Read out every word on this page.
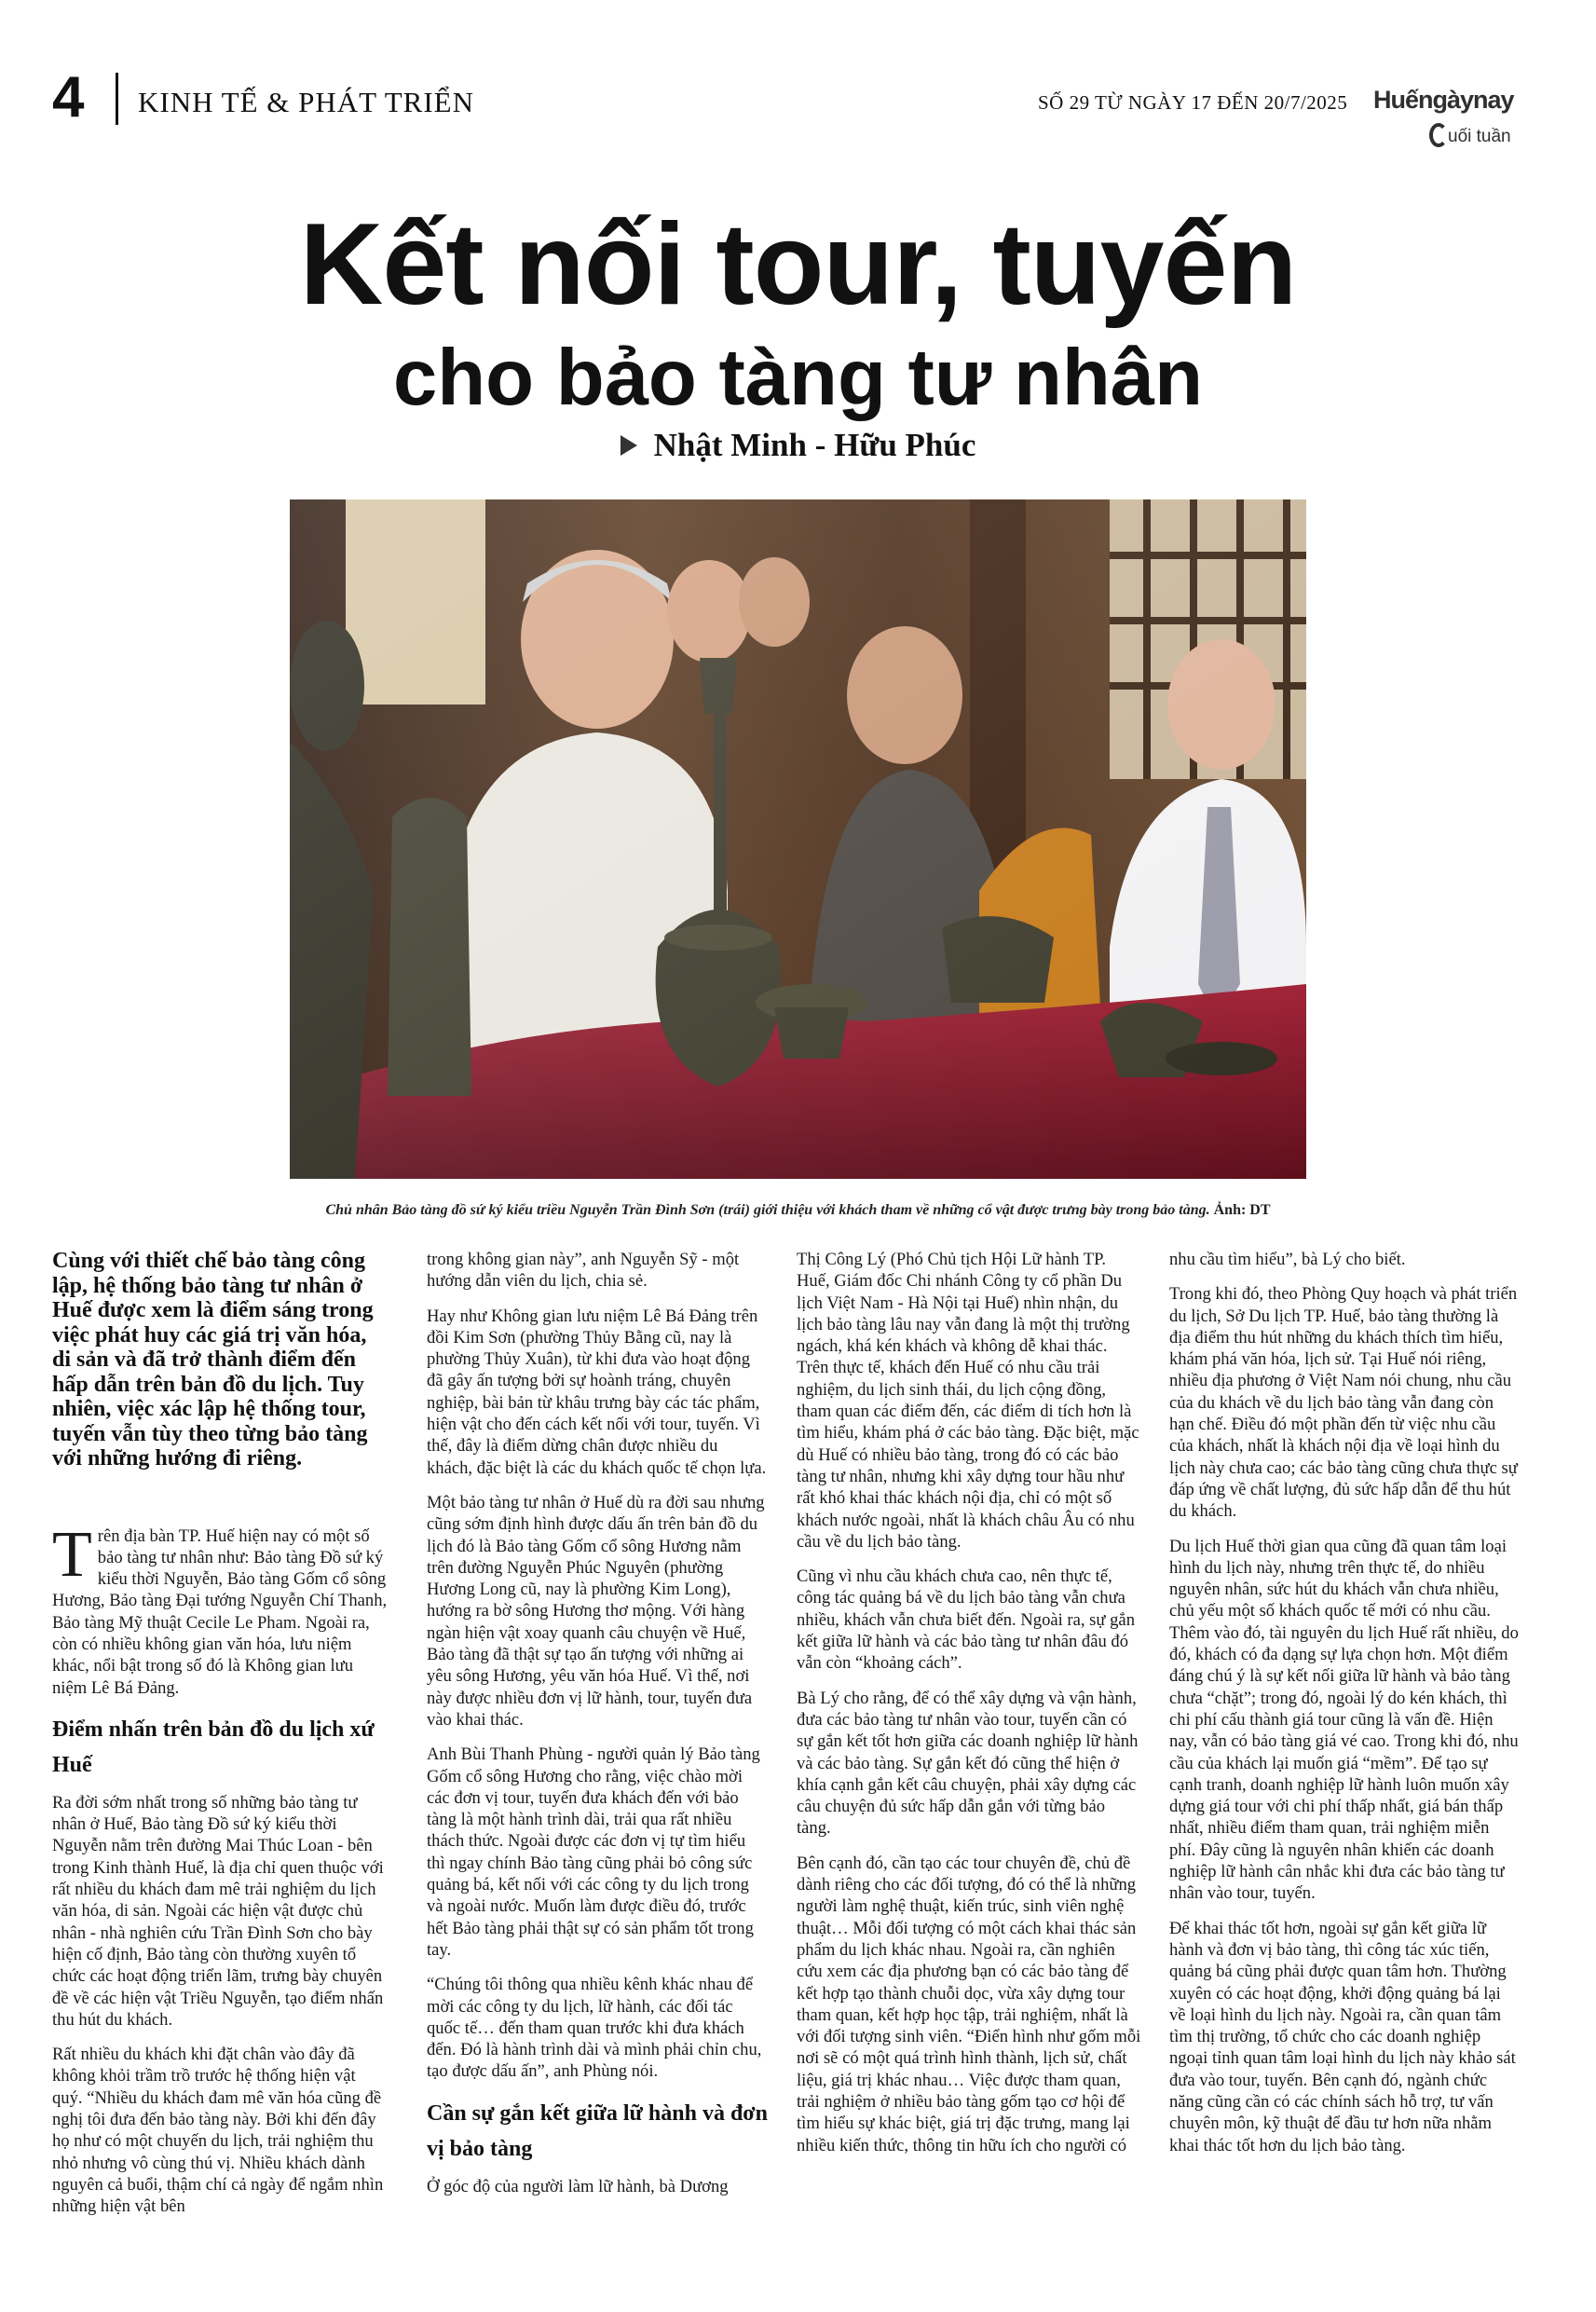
4 KINH TẾ & PHÁT TRIỂN	SỐ 29 TỪ NGÀY 17 ĐẾN 20/7/2025 Huếngàynay
uối tuần
Kết nối tour, tuyến
cho bảo tàng tư nhân
Nhật Minh - Hữu Phúc
Chủ nhân Bảo tàng đồ sứ ký kiểu triều Nguyễn Trần Đình Sơn (trái) giới thiệu với khách tham về những cổ vật được trưng bày trong bảo tàng. Ảnh: DT

Cùng với thiết chế bảo tàng công lập, hệ thống bảo tàng tư nhân ở Huế được xem là điểm sáng trong việc phát huy các giá trị văn hóa, di sản và đã trở thành điểm đến hấp dẫn trên bản đồ du lịch. Tuy nhiên, việc xác lập hệ thống tour, tuyến vẫn tùy theo từng bảo tàng với những hướng đi riêng.

Trên địa bàn TP. Huế hiện nay có một số bảo tàng tư nhân như: Bảo tàng Đồ sứ ký kiểu thời Nguyễn, Bảo tàng Gốm cổ sông Hương, Bảo tàng Đại tướng Nguyễn Chí Thanh, Bảo tàng Mỹ thuật Cecile Le Pham. Ngoài ra, còn có nhiều không gian văn hóa, lưu niệm khác, nổi bật trong số đó là Không gian lưu niệm Lê Bá Đảng.

Điểm nhấn trên bản đồ du lịch xứ Huế

Ra đời sớm nhất trong số những bảo tàng tư nhân ở Huế, Bảo tàng Đồ sứ ký kiểu thời Nguyễn nằm trên đường Mai Thúc Loan - bên trong Kinh thành Huế, là địa chỉ quen thuộc với rất nhiều du khách đam mê trải nghiệm du lịch văn hóa, di sản. Ngoài các hiện vật được chủ nhân - nhà nghiên cứu Trần Đình Sơn cho bày hiện cố định, Bảo tàng còn thường xuyên tổ chức các hoạt động triển lãm, trưng bày chuyên đề về các hiện vật Triều Nguyễn, tạo điểm nhấn thu hút du khách.

Rất nhiều du khách khi đặt chân vào đây đã không khỏi trầm trồ trước hệ thống hiện vật quý. “Nhiều du khách đam mê văn hóa cũng đề nghị tôi đưa đến bảo tàng này. Bởi khi đến đây họ như có một chuyến du lịch, trải nghiệm thu nhỏ nhưng vô cùng thú vị. Nhiều khách dành nguyên cả buổi, thậm chí cả ngày để ngắm nhìn những hiện vật bên

trong không gian này”, anh Nguyễn Sỹ - một hướng dẫn viên du lịch, chia sẻ.

Hay như Không gian lưu niệm Lê Bá Đảng trên đồi Kim Sơn (phường Thủy Bằng cũ, nay là phường Thủy Xuân), từ khi đưa vào hoạt động đã gây ấn tượng bởi sự hoành tráng, chuyên nghiệp, bài bản từ khâu trưng bày các tác phẩm, hiện vật cho đến cách kết nối với tour, tuyến. Vì thế, đây là điểm dừng chân được nhiều du khách, đặc biệt là các du khách quốc tế chọn lựa.

Một bảo tàng tư nhân ở Huế dù ra đời sau nhưng cũng sớm định hình được dấu ấn trên bản đồ du lịch đó là Bảo tàng Gốm cổ sông Hương nằm trên đường Nguyễn Phúc Nguyên (phường Hương Long cũ, nay là phường Kim Long), hướng ra bờ sông Hương thơ mộng. Với hàng ngàn hiện vật xoay quanh câu chuyện về Huế, Bảo tàng đã thật sự tạo ấn tượng với những ai yêu sông Hương, yêu văn hóa Huế. Vì thế, nơi này được nhiều đơn vị lữ hành, tour, tuyến đưa vào khai thác.

Anh Bùi Thanh Phùng - người quản lý Bảo tàng Gốm cổ sông Hương cho rằng, việc chào mời các đơn vị tour, tuyến đưa khách đến với bảo tàng là một hành trình dài, trải qua rất nhiều thách thức. Ngoài được các đơn vị tự tìm hiểu thì ngay chính Bảo tàng cũng phải bỏ công sức quảng bá, kết nối với các công ty du lịch trong và ngoài nước. Muốn làm được điều đó, trước hết Bảo tàng phải thật sự có sản phẩm tốt trong tay.

“Chúng tôi thông qua nhiều kênh khác nhau để mời các công ty du lịch, lữ hành, các đối tác quốc tế… đến tham quan trước khi đưa khách đến. Đó là hành trình dài và mình phải chỉn chu, tạo được dấu ấn”, anh Phùng nói.

Cần sự gắn kết giữa lữ hành và đơn vị bảo tàng

Ở góc độ của người làm lữ hành, bà Dương

Thị Công Lý (Phó Chủ tịch Hội Lữ hành TP. Huế, Giám đốc Chi nhánh Công ty cổ phần Du lịch Việt Nam - Hà Nội tại Huế) nhìn nhận, du lịch bảo tàng lâu nay vẫn đang là một thị trường ngách, khá kén khách và không dễ khai thác. Trên thực tế, khách đến Huế có nhu cầu trải nghiệm, du lịch sinh thái, du lịch cộng đồng, tham quan các điểm đến, các điểm di tích hơn là tìm hiểu, khám phá ở các bảo tàng. Đặc biệt, mặc dù Huế có nhiều bảo tàng, trong đó có các bảo tàng tư nhân, nhưng khi xây dựng tour hầu như rất khó khai thác khách nội địa, chỉ có một số khách nước ngoài, nhất là khách châu Âu có nhu cầu về du lịch bảo tàng.

Cũng vì nhu cầu khách chưa cao, nên thực tế, công tác quảng bá về du lịch bảo tàng vẫn chưa nhiều, khách vẫn chưa biết đến. Ngoài ra, sự gắn kết giữa lữ hành và các bảo tàng tư nhân đâu đó vẫn còn “khoảng cách”.

Bà Lý cho rằng, để có thể xây dựng và vận hành, đưa các bảo tàng tư nhân vào tour, tuyến cần có sự gắn kết tốt hơn giữa các doanh nghiệp lữ hành và các bảo tàng. Sự gắn kết đó cũng thể hiện ở khía cạnh gắn kết câu chuyện, phải xây dựng các câu chuyện đủ sức hấp dẫn gắn với từng bảo tàng.

Bên cạnh đó, cần tạo các tour chuyên đề, chủ đề dành riêng cho các đối tượng, đó có thể là những người làm nghệ thuật, kiến trúc, sinh viên nghệ thuật… Mỗi đối tượng có một cách khai thác sản phẩm du lịch khác nhau. Ngoài ra, cần nghiên cứu xem các địa phương bạn có các bảo tàng để kết hợp tạo thành chuỗi dọc, vừa xây dựng tour tham quan, kết hợp học tập, trải nghiệm, nhất là với đối tượng sinh viên. “Điển hình như gốm mỗi nơi sẽ có một quá trình hình thành, lịch sử, chất liệu, giá trị khác nhau… Việc được tham quan, trải nghiệm ở nhiều bảo tàng gốm tạo cơ hội để tìm hiểu sự khác biệt, giá trị đặc trưng, mang lại nhiều kiến thức, thông tin hữu ích cho người có

nhu cầu tìm hiểu”, bà Lý cho biết.

Trong khi đó, theo Phòng Quy hoạch và phát triển du lịch, Sở Du lịch TP. Huế, bảo tàng thường là địa điểm thu hút những du khách thích tìm hiểu, khám phá văn hóa, lịch sử. Tại Huế nói riêng, nhiều địa phương ở Việt Nam nói chung, nhu cầu của du khách về du lịch bảo tàng vẫn đang còn hạn chế. Điều đó một phần đến từ việc nhu cầu của khách, nhất là khách nội địa về loại hình du lịch này chưa cao; các bảo tàng cũng chưa thực sự đáp ứng về chất lượng, đủ sức hấp dẫn để thu hút du khách.

Du lịch Huế thời gian qua cũng đã quan tâm loại hình du lịch này, nhưng trên thực tế, do nhiều nguyên nhân, sức hút du khách vẫn chưa nhiều, chủ yếu một số khách quốc tế mới có nhu cầu. Thêm vào đó, tài nguyên du lịch Huế rất nhiều, do đó, khách có đa dạng sự lựa chọn hơn. Một điểm đáng chú ý là sự kết nối giữa lữ hành và bảo tàng chưa “chặt”; trong đó, ngoài lý do kén khách, thì chi phí cấu thành giá tour cũng là vấn đề. Hiện nay, vẫn có bảo tàng giá vé cao. Trong khi đó, nhu cầu của khách lại muốn giá “mềm”. Để tạo sự cạnh tranh, doanh nghiệp lữ hành luôn muốn xây dựng giá tour với chi phí thấp nhất, giá bán thấp nhất, nhiều điểm tham quan, trải nghiệm miễn phí. Đây cũng là nguyên nhân khiến các doanh nghiệp lữ hành cân nhắc khi đưa các bảo tàng tư nhân vào tour, tuyến.

Để khai thác tốt hơn, ngoài sự gắn kết giữa lữ hành và đơn vị bảo tàng, thì công tác xúc tiến, quảng bá cũng phải được quan tâm hơn. Thường xuyên có các hoạt động, khởi động quảng bá lại về loại hình du lịch này. Ngoài ra, cần quan tâm tìm thị trường, tổ chức cho các doanh nghiệp ngoại tỉnh quan tâm loại hình du lịch này khảo sát đưa vào tour, tuyến. Bên cạnh đó, ngành chức năng cũng cần có các chính sách hỗ trợ, tư vấn chuyên môn, kỹ thuật để đầu tư hơn nữa nhằm khai thác tốt hơn du lịch bảo tàng.
